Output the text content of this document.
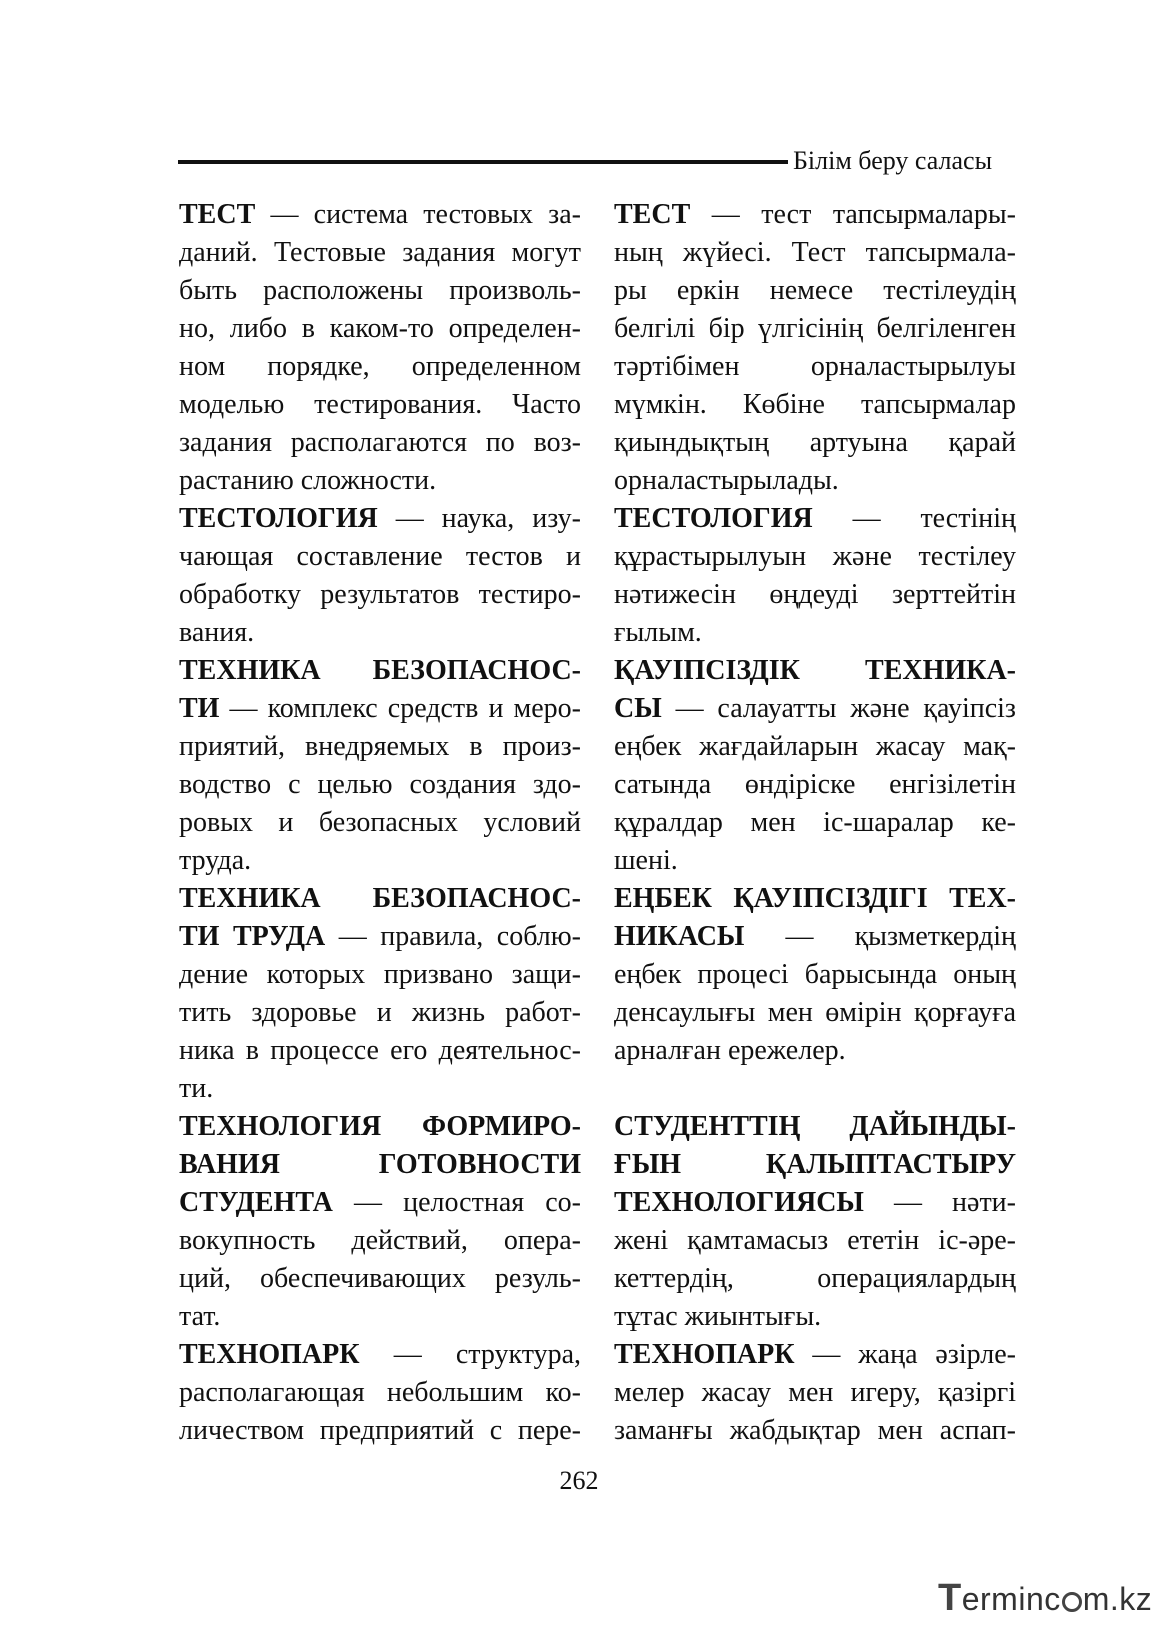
Білім беру саласы
ТЕСТ — система тестовых за-
даний. Тестовые задания могут
быть расположены произволь-
но, либо в каком-то определен-
ном порядке, определенном
моделью тестирования. Часто
задания располагаются по воз-
растанию сложности.
ТЕСТОЛОГИЯ — наука, изу-
чающая составление тестов и
обработку результатов тестиро-
вания.
ТЕХНИКА БЕЗОПАСНОС-
ТИ — комплекс средств и меро-
приятий, внедряемых в произ-
водство с целью создания здо-
ровых и безопасных условий
труда.
ТЕХНИКА БЕЗОПАСНОС-
ТИ ТРУДА — правила, соблю-
дение которых призвано защи-
тить здоровье и жизнь работ-
ника в процессе его деятельнос-
ти.
ТЕХНОЛОГИЯ ФОРМИРО-
ВАНИЯ ГОТОВНОСТИ
СТУДЕНТА — целостная со-
вокупность действий, опера-
ций, обеспечивающих резуль-
тат.
ТЕХНОПАРК — структура,
располагающая небольшим ко-
личеством предприятий с пере-
ТЕСТ — тест тапсырмалары-
ның жүйесі. Тест тапсырмала-
ры еркін немесе тестілеудің
белгілі бір үлгісінің белгіленген
тәртібімен орналастырылуы
мүмкін. Көбіне тапсырмалар
қиындықтың артуына қарай
орналастырылады.
ТЕСТОЛОГИЯ — тестінің
құрастырылуын және тестілеу
нәтижесін өңдеуді зерттейтін
ғылым.
ҚАУІПСІЗДІК ТЕХНИКА-
СЫ — салауатты және қауіпсіз
еңбек жағдайларын жасау мақ-
сатында өндіріске енгізілетін
құралдар мен іс-шаралар ке-
шені.
ЕҢБЕК ҚАУІПСІЗДІГІ ТЕХ-
НИКАСЫ — қызметкердің
еңбек процесі барысында оның
денсаулығы мен өмірін қорғауға
арналған ережелер.
СТУДЕНТТІҢ ДАЙЫНДЫ-
ҒЫН ҚАЛЫПТАСТЫРУ
ТЕХНОЛОГИЯСЫ — нәти-
жені қамтамасыз ететін іс-әре-
кеттердің, операциялардың
тұтас жиынтығы.
ТЕХНОПАРК — жаңа әзірле-
мелер жасау мен игеру, қазіргі
заманғы жабдықтар мен аспап-
262
Terminc m.kz
